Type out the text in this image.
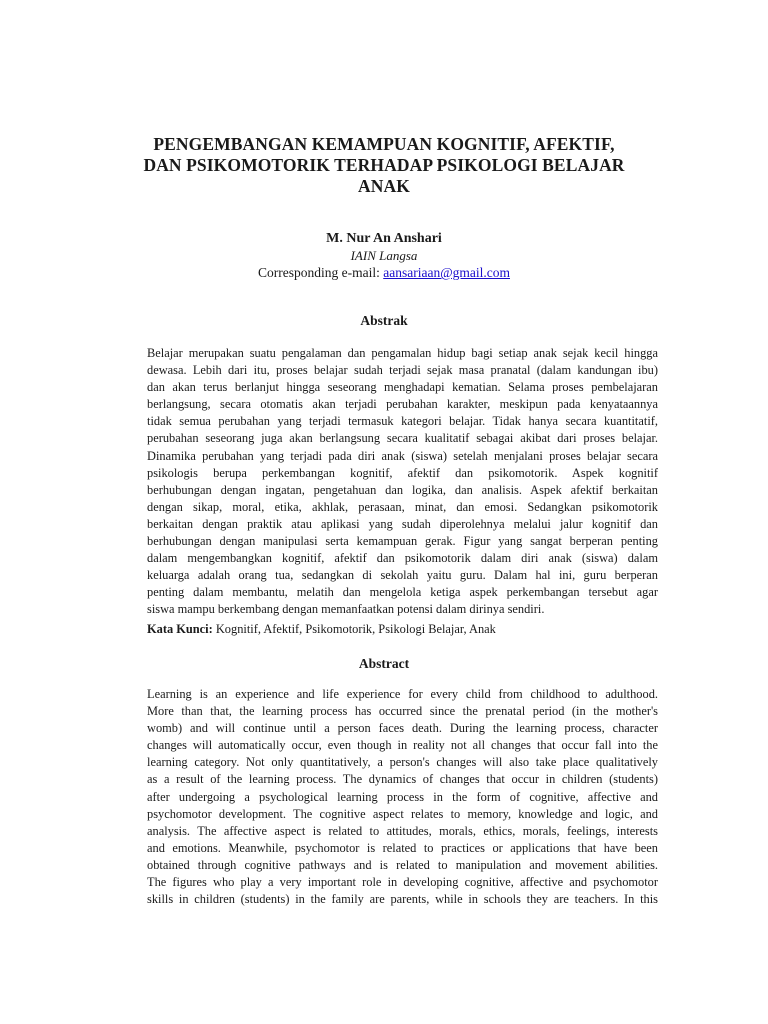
PENGEMBANGAN KEMAMPUAN KOGNITIF, AFEKTIF,
DAN PSIKOMOTORIK TERHADAP PSIKOLOGI BELAJAR
ANAK
M. Nur An Anshari
IAIN Langsa
Corresponding e-mail: aansariaan@gmail.com
Abstrak
Belajar merupakan suatu pengalaman dan pengamalan hidup bagi setiap anak sejak kecil hingga
dewasa. Lebih dari itu, proses belajar sudah terjadi sejak masa pranatal (dalam kandungan ibu)
dan akan terus berlanjut hingga seseorang menghadapi kematian. Selama proses pembelajaran
berlangsung, secara otomatis akan terjadi perubahan karakter, meskipun pada kenyataannya
tidak semua perubahan yang terjadi termasuk kategori belajar. Tidak hanya secara kuantitatif,
perubahan seseorang juga akan berlangsung secara kualitatif sebagai akibat dari proses belajar.
Dinamika perubahan yang terjadi pada diri anak (siswa) setelah menjalani proses belajar secara
psikologis berupa perkembangan kognitif, afektif dan psikomotorik. Aspek kognitif
berhubungan dengan ingatan, pengetahuan dan logika, dan analisis. Aspek afektif berkaitan
dengan sikap, moral, etika, akhlak, perasaan, minat, dan emosi. Sedangkan psikomotorik
berkaitan dengan praktik atau aplikasi yang sudah diperolehnya melalui jalur kognitif dan
berhubungan dengan manipulasi serta kemampuan gerak. Figur yang sangat berperan penting
dalam mengembangkan kognitif, afektif dan psikomotorik dalam diri anak (siswa) dalam
keluarga adalah orang tua, sedangkan di sekolah yaitu guru. Dalam hal ini, guru berperan
penting dalam membantu, melatih dan mengelola ketiga aspek perkembangan tersebut agar
siswa mampu berkembang dengan memanfaatkan potensi dalam dirinya sendiri.
Kata Kunci: Kognitif, Afektif, Psikomotorik, Psikologi Belajar, Anak
Abstract
Learning is an experience and life experience for every child from childhood to adulthood.
More than that, the learning process has occurred since the prenatal period (in the mother's
womb) and will continue until a person faces death. During the learning process, character
changes will automatically occur, even though in reality not all changes that occur fall into the
learning category. Not only quantitatively, a person's changes will also take place qualitatively
as a result of the learning process. The dynamics of changes that occur in children (students)
after undergoing a psychological learning process in the form of cognitive, affective and
psychomotor development. The cognitive aspect relates to memory, knowledge and logic, and
analysis. The affective aspect is related to attitudes, morals, ethics, morals, feelings, interests
and emotions. Meanwhile, psychomotor is related to practices or applications that have been
obtained through cognitive pathways and is related to manipulation and movement abilities.
The figures who play a very important role in developing cognitive, affective and psychomotor
skills in children (students) in the family are parents, while in schools they are teachers. In this
